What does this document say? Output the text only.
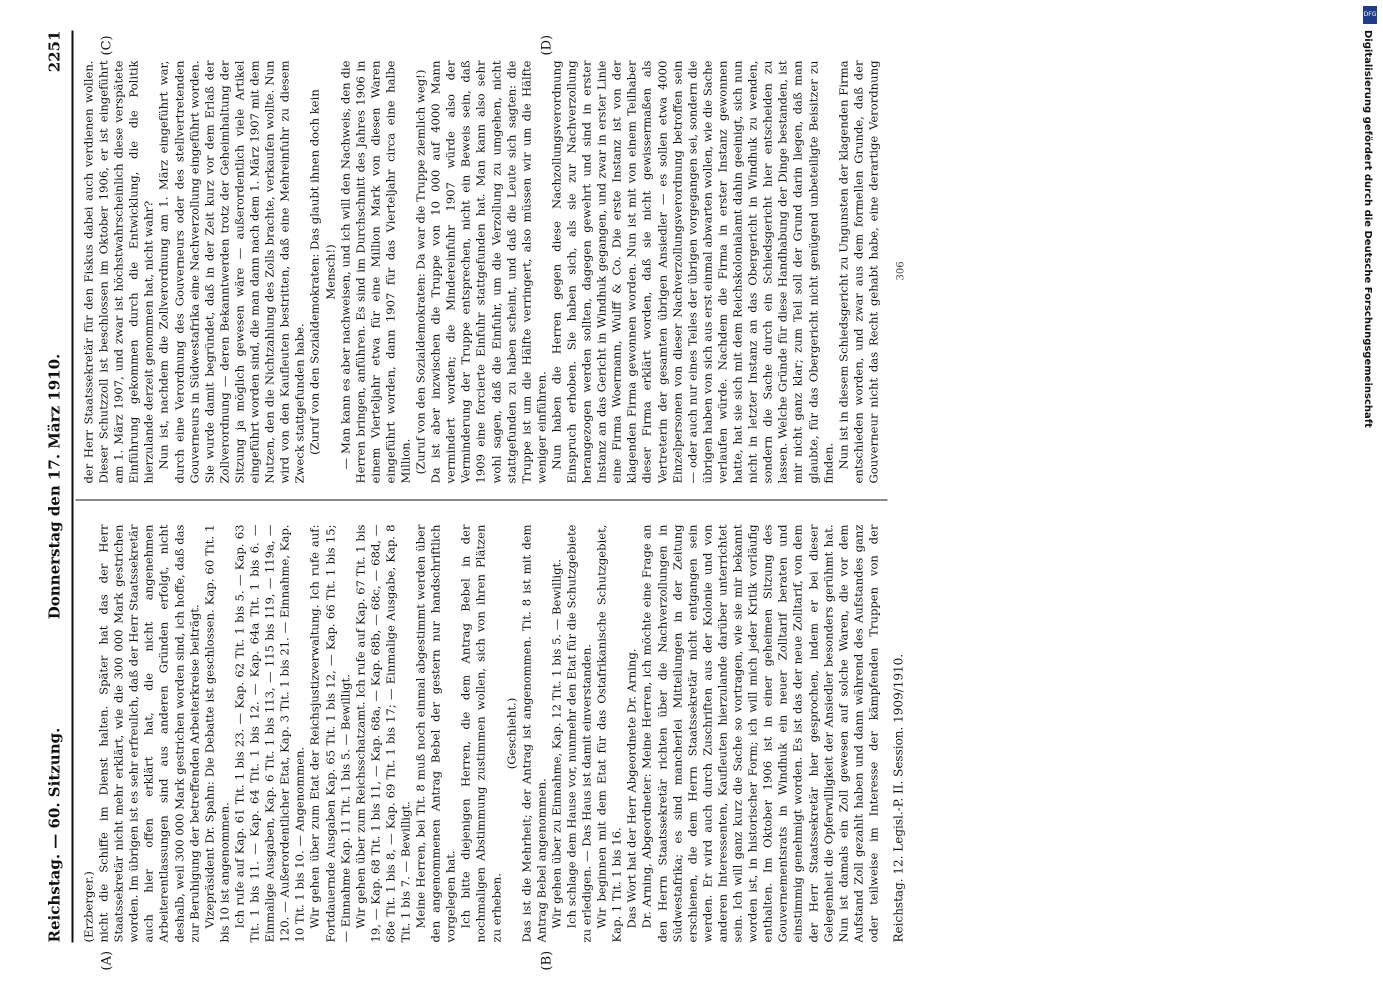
Reichstag. — 60. Sitzung.
Donnerstag den 17. März 1910.
2251
(A)	(B)
(C)	(D)

(Erzberger.) nicht die Schiffe im Dienst halten. Später hat das der Herr Staatssekretär nicht mehr erklärt, wie die 300 000 Mark gestrichen worden. Im übrigen ist es sehr erfreulich, daß der Herr Staatssekretär auch hier offen erklärt hat, die nicht angenehmen Arbeiterentlassungen sind aus anderen Gründen erfolgt, nicht deshalb, weil 300 000 Mark gestrichen worden sind, ich hoffe, daß das zur Beruhigung der betreffenden Arbeiterkreise beiträgt. Vizepräsident Dr. Spahn: Die Debatte ist geschlossen. Kap. 60 Tit. 1 bis 10 ist angenommen. Ich rufe auf Kap. 61 Tit. 1 bis 23. — Kap. 62 Tit. 1 bis 5. — Kap. 63 Tit. 1 bis 11. — Kap. 64 Tit. 1 bis 12. — Kap. 64a Tit. 1 bis 6. — Einmalige Ausgaben, Kap. 6 Tit. 1 bis 113, — 115 bis 119, — 119a, — 120. — Außerordentlicher Etat, Kap. 3 Tit. 1 bis 21. — Einnahme, Kap. 10 Tit. 1 bis 10. — Angenommen. Wir gehen über zum Etat der Reichsjustizverwaltung. Ich rufe auf: Fortdauernde Ausgaben Kap. 65 Tit. 1 bis 12, — Kap. 66 Tit. 1 bis 15; — Einnahme Kap. 11 Tit. 1 bis 5. — Bewilligt. Wir gehen über zum Reichsschatzamt. Ich rufe auf Kap. 67 Tit. 1 bis 19, — Kap. 68 Tit. 1 bis 11, — Kap. 68a, — Kap. 68b, — 68c, — 68d, — 68e Tit. 1 bis 8, — Kap. 69 Tit. 1 bis 17; — Einmalige Ausgabe, Kap. 8 Tit. 1 bis 7. — Bewilligt. Meine Herren, bei Tit. 8 muß noch einmal abgestimmt werden über den angenommenen Antrag Bebel der gestern nur handschriftlich vorgelegen hat. Ich bitte diejenigen Herren, die dem Antrag Bebel in der nochmaligen Abstimmung zustimmen wollen, sich von ihren Plätzen zu erheben.

(Geschieht.) Das ist die Mehrheit; der Antrag ist angenommen. Tit. 8 ist mit dem Antrag Bebel angenommen. Wir gehen über zu Einnahme, Kap. 12 Tit. 1 bis 5. — Bewilligt. Ich schlage dem Hause vor, nunmehr den Etat für die Schutzgebiete zu erledigen. — Das Haus ist damit einverstanden. Wir beginnen mit dem Etat für das Ostafrikanische Schutzgebiet, Kap. 1 Tit. 1 bis 16. Das Wort hat der Herr Abgeordnete Dr. Arning. Dr. Arning, Abgeordneter: Meine Herren, ich möchte eine Frage an den Herrn Staatssekretär richten über die Nachverzollungen in Südwestafrika; es sind mancherlei Mitteilungen in der Zeitung erschienen, die dem Herrn Staatssekretär nicht entgangen sein werden. Er wird auch durch Zuschriften aus der Kolonie und von anderen Interessenten, Kaufleuten hierzulande darüber unterrichtet sein. Ich will ganz kurz die Sache so vortragen, wie sie mir bekannt worden ist, in historischer Form; ich will mich jeder Kritik vorläufig enthalten. Im Oktober 1906 ist in einer geheimen Sitzung des Gouvernementsrats in Windhuk ein neuer Zolltarif beraten und einstimmig genehmigt worden. Es ist das der neue Zolltarif, von dem der Herr Staatssekretär hier gesprochen, indem er bei dieser Gelegenheit die Opferwilligkeit der Ansiedler besonders gerühmt hat. Nun ist damals ein Zoll gewesen auf solche Waren, die vor dem Aufstand Zoll gezahlt haben und dann während des Aufstandes ganz oder teilweise im Interesse der kämpfenden Truppen von der

der Herr Staatssekretär für den Fiskus dabei auch verdienen wollen. Dieser Schutzzoll ist beschlossen im Oktober 1906, er ist eingeführt am 1. März 1907, und zwar ist höchstwahrscheinlich diese verspätete Einführung gekommen durch die Entwicklung, die die Politik hierzulande derzeit genommen hat, nicht wahr? Nun ist, nachdem die Zollverordnung am 1. März eingeführt war, durch eine Verordnung des Gouverneurs oder des stellvertretenden Gouverneurs in Südwestafrika eine Nachverzollung eingeführt worden. Sie wurde damit begründet, daß in der Zeit kurz vor dem Erlaß der Zollverordnung — deren Bekanntwerden trotz der Geheimhaltung der Sitzung ja möglich gewesen wäre — außerordentlich viele Artikel eingeführt worden sind, die man dann nach dem 1. März 1907 mit dem Nutzen, den die Nichtzahlung des Zolls brachte, verkaufen wollte. Nun wird von den Kaufleuten bestritten, daß eine Mehreinfuhr zu diesem Zweck stattgefunden habe. (Zuruf von den Sozialdemokraten: Das glaubt ihnen doch kein Mensch!) — Man kann es aber nachweisen, und ich will den Nachweis, den die Herren bringen, anführen. Es sind im Durchschnitt des Jahres 1906 in einem Vierteljahr etwa für eine Million Mark von diesen Waren eingeführt worden, dann 1907 für das Vierteljahr circa eine halbe Million. (Zuruf von den Sozialdemokraten: Da war die Truppe ziemlich weg!) Da ist aber inzwischen die Truppe von 10 000 auf 4000 Mann vermindert worden; die Mindereinfuhr 1907 würde also der Verminderung der Truppe entsprechen, nicht ein Beweis sein, daß 1909 eine forcierte Einfuhr stattgefunden hat. Man kann also sehr wohl sagen, daß die Einfuhr, um die Verzollung zu umgehen, nicht stattgefunden zu haben scheint, und daß die Leute sich sagten: die Truppe ist um die Hälfte verringert, also müssen wir um die Hälfte weniger einführen. Nun haben die Herren gegen diese Nachzollungsverordnung Einspruch erhoben. Sie haben sich, als sie zur Nachverzollung herangezogen werden sollten, dagegen gewehrt und sind in erster Instanz an das Gericht in Windhuk gegangen, und zwar in erster Linie eine Firma Woermann, Wulff & Co. Die erste Instanz ist von der klagenden Firma gewonnen worden. Nun ist mit von einem Teilhaber dieser Firma erklärt worden, daß sie nicht gewissermaßen als Vertreterin der gesamten übrigen Ansiedler — es sollen etwa 4000 Einzelpersonen von dieser Nachverzollungsverordnung betroffen sein — oder auch nur eines Teiles der übrigen vorgegangen sei, sondern die übrigen haben von sich aus erst einmal abwarten wollen, wie die Sache verlaufen würde. Nachdem die Firma in erster Instanz gewonnen hatte, hat sie sich mit dem Reichskolonialamt dahin geeinigt, sich nun nicht in letzter Instanz an das Obergericht in Windhuk zu wenden, sondern die Sache durch ein Schiedsgericht hier entscheiden zu lassen. Welche Gründe für diese Handhabung der Dinge bestanden, ist mir nicht ganz klar; zum Teil soll der Grund darin liegen, daß man glaubte, für das Obergericht nicht genügend unbeteiligte Beisitzer zu finden. Nun ist in diesem Schiedsgericht zu Ungunsten der klagenden Firma entschieden worden, und zwar aus dem formellen Grunde, daß der Gouverneur nicht das Recht gehabt habe, eine derartige Verordnung

Reichstag. 12. Legisl.-P. II. Session. 1909/1910.
306
DFG
Digitalisierung gefördert durch die Deutsche Forschungsgemeinschaft
